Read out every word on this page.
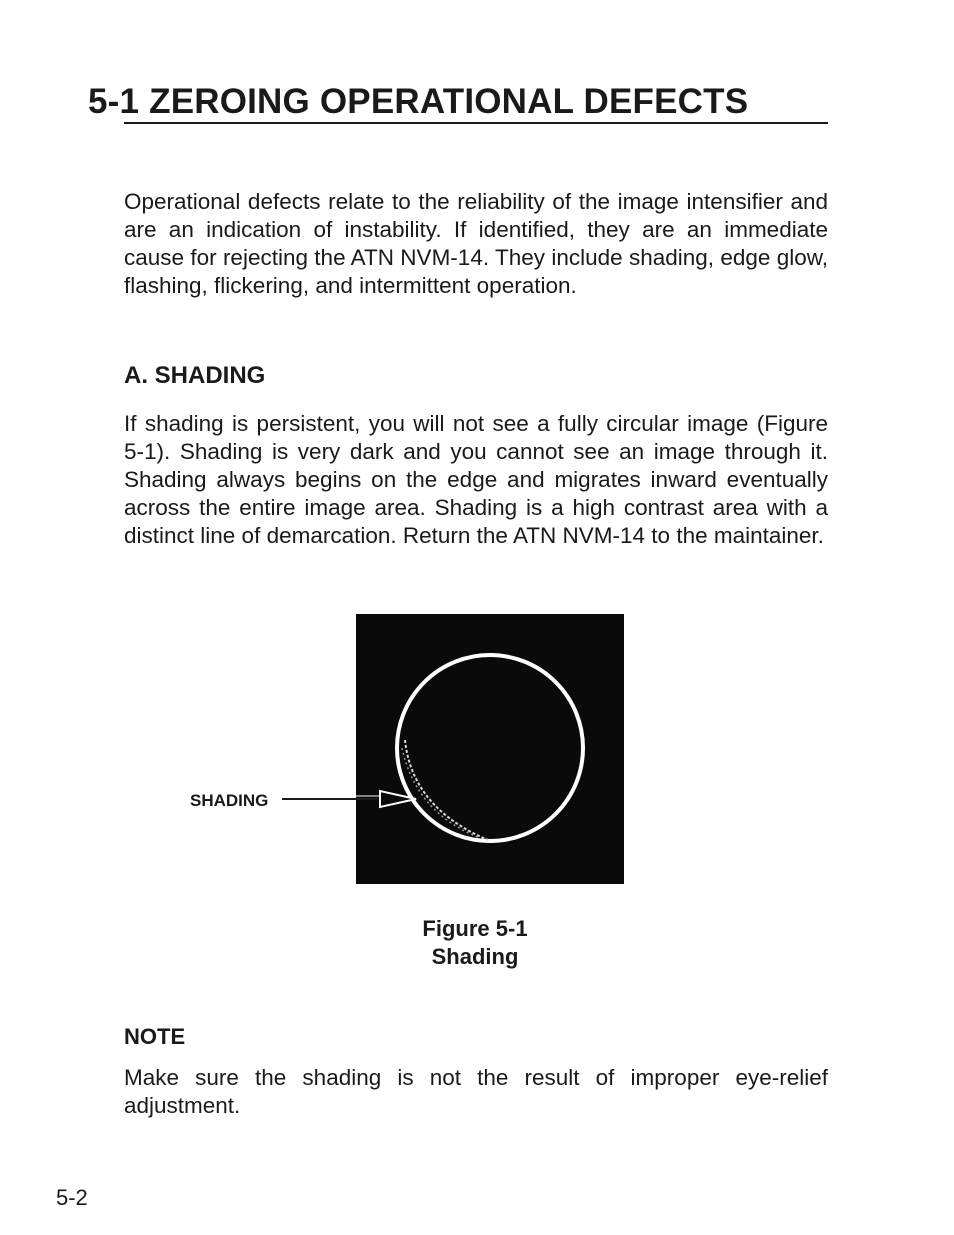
5-1 ZEROING OPERATIONAL DEFECTS

Operational defects relate to the reliability of the image intensifier and are an indication of instability. If identified, they are an immediate cause for rejecting the ATN NVM-14. They include shading, edge glow, flashing, flickering, and intermittent operation.

A. SHADING

If shading is persistent, you will not see a fully circular image (Figure 5-1). Shading is very dark and you cannot see an image through it. Shading always begins on the edge and migrates inward eventually across the entire image area. Shading is a high contrast area with a distinct line of demarcation. Return the ATN NVM-14 to the maintainer.

SHADING
Figure 5-1
Shading
NOTE

Make sure the shading is not the result of improper eye-relief adjustment.

5-2
